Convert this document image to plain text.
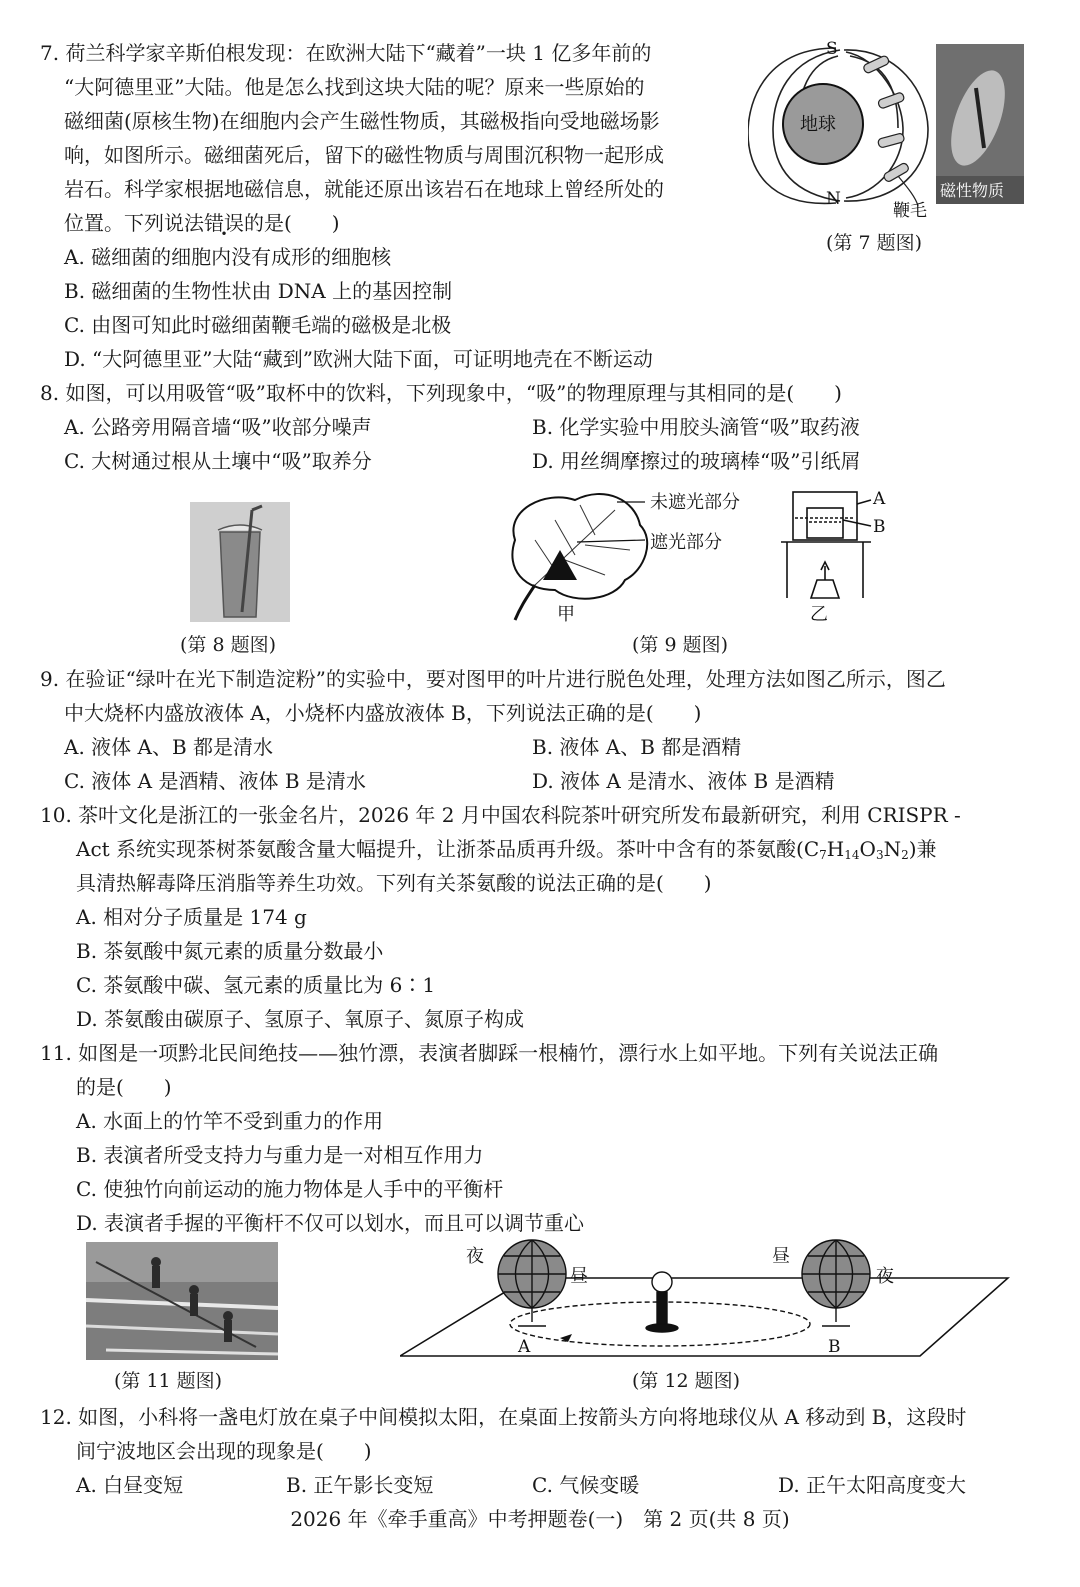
7. 荷兰科学家辛斯伯根发现：在欧洲大陆下“藏着”一块 1 亿多年前的
“大阿德里亚”大陆。他是怎么找到这块大陆的呢？原来一些原始的
磁细菌(原核生物)在细胞内会产生磁性物质，其磁极指向受地磁场影
响，如图所示。磁细菌死后，留下的磁性物质与周围沉积物一起形成
岩石。科学家根据地磁信息，就能还原出该岩石在地球上曾经所处的
位置。下列说法错误的是(　　)
A. 磁细菌的细胞内没有成形的细胞核
B. 磁细菌的生物性状由 DNA 上的基因控制
C. 由图可知此时磁细菌鞭毛端的磁极是北极
D. “大阿德里亚”大陆“藏到”欧洲大陆下面，可证明地壳在不断运动
地球
S
N
鞭毛
磁性物质
(第 7 题图)
8. 如图，可以用吸管“吸”取杯中的饮料，下列现象中，“吸”的物理原理与其相同的是(　　)
A. 公路旁用隔音墙“吸”收部分噪声	B. 化学实验中用胶头滴管“吸”取药液
C. 大树通过根从土壤中“吸”取养分	D. 用丝绸摩擦过的玻璃棒“吸”引纸屑
(第 8 题图)
未遮光部分
遮光部分
甲
A
B
乙
(第 9 题图)
9. 在验证“绿叶在光下制造淀粉”的实验中，要对图甲的叶片进行脱色处理，处理方法如图乙所示，图乙
中大烧杯内盛放液体 A，小烧杯内盛放液体 B，下列说法正确的是(　　)
A. 液体 A、B 都是清水	B. 液体 A、B 都是酒精
C. 液体 A 是酒精、液体 B 是清水	D. 液体 A 是清水、液体 B 是酒精
10. 茶叶文化是浙江的一张金名片，2026 年 2 月中国农科院茶叶研究所发布最新研究，利用 CRISPR -
Act 系统实现茶树茶氨酸含量大幅提升，让浙茶品质再升级。茶叶中含有的茶氨酸$(C_7H_{14}O_3N_2)$兼
具清热解毒降压消脂等养生功效。下列有关茶氨酸的说法正确的是(　　)
A. 相对分子质量是 174 g
B. 茶氨酸中氮元素的质量分数最小
C. 茶氨酸中碳、氢元素的质量比为 6∶1
D. 茶氨酸由碳原子、氢原子、氧原子、氮原子构成
11. 如图是一项黔北民间绝技——独竹漂，表演者脚踩一根楠竹，漂行水上如平地。下列有关说法正确
的是(　　)
A. 水面上的竹竿不受到重力的作用
B. 表演者所受支持力与重力是一对相互作用力
C. 使独竹向前运动的施力物体是人手中的平衡杆
D. 表演者手握的平衡杆不仅可以划水，而且可以调节重心
(第 11 题图)
夜
昼
A
昼
夜
B
(第 12 题图)
12. 如图，小科将一盏电灯放在桌子中间模拟太阳，在桌面上按箭头方向将地球仪从 A 移动到 B，这段时
间宁波地区会出现的现象是(　　)
A. 白昼变短	B. 正午影长变短	C. 气候变暖	D. 正午太阳高度变大
2026 年《牵手重高》中考押题卷(一)　第 2 页(共 8 页)
